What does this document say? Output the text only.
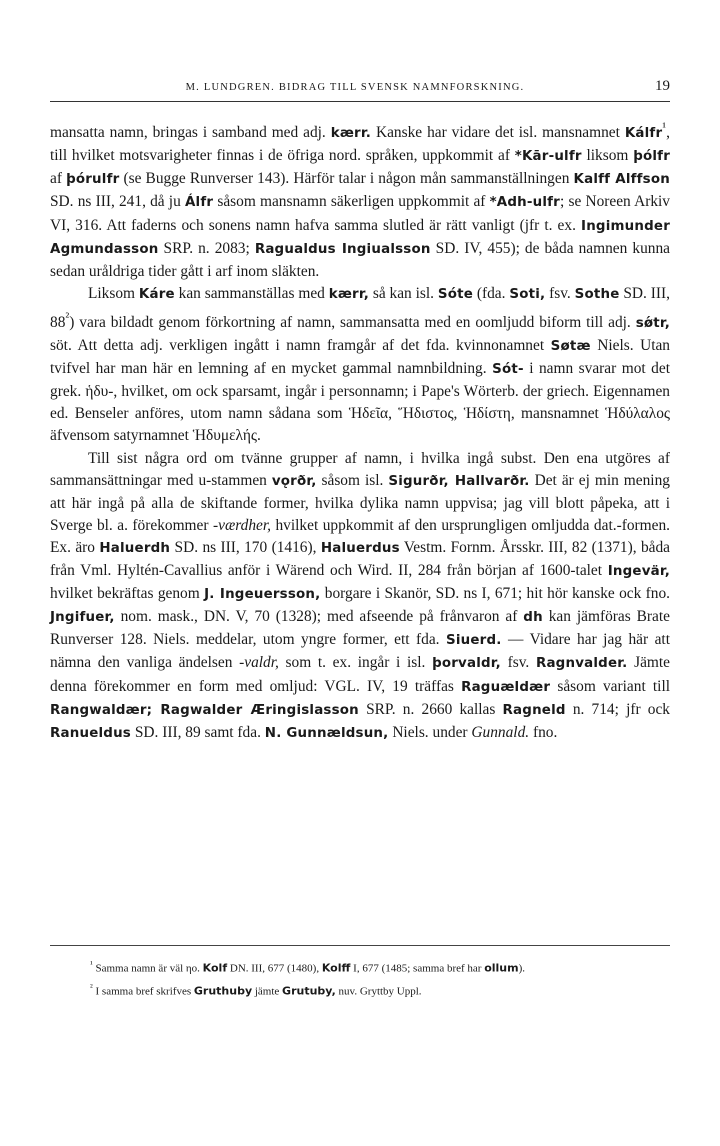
M. LUNDGREN. BIDRAG TILL SVENSK NAMNFORSKNING.	19

mansatta namn, bringas i samband med adj. kærr. Kanske har vidare det isl. mansnamnet Kálfr$^{^1}$, till hvilket motsvarigheter finnas i de öfriga nord. språken, uppkommit af *Kār-ulfr liksom þólfr af þórulfr (se Bugge Runverser 143). Härför talar i någon mån sammanställningen Kalff Alffson SD. ns III, 241, då ju Álfr såsom mansnamn säkerligen uppkommit af *Adh-ulfr; se Noreen Arkiv VI, 316. Att faderns och sonens namn hafva samma slutled är rätt vanligt (jfr t. ex. Ingimunder Agmundasson SRP. n. 2083; Ragualdus Ingiualsson SD. IV, 455); de båda namnen kunna sedan uråldriga tider gått i arf inom släkten.

Liksom Káre kan sammanställas med kærr, så kan isl. Sóte (fda. Soti, fsv. Sothe SD. III, $88^{^2}$) vara bildadt genom förkortning af namn, sammansatta med en oomljudd biform till adj. sǿtr, söt. Att detta adj. verkligen ingått i namn framgår af det fda. kvinnonamnet Søtæ Niels. Utan tvifvel har man här en lemning af en mycket gammal namnbildning. Sót- i namn svarar mot det grek. ἡδυ-, hvilket, om ock sparsamt, ingår i personnamn; i Pape's Wörterb. der griech. Eigennamen ed. Benseler anföres, utom namn sådana som Ἡδεῖα, Ἥδιστος, Ἡδίστη, mansnamnet Ἡδύλαλος äfvensom satyrnamnet Ἡδυμελής.

Till sist några ord om tvänne grupper af namn, i hvilka ingå subst. Den ena utgöres af sammansättningar med u-stammen vǫrðr, såsom isl. Sigurðr, Hallvarðr. Det är ej min mening att här ingå på alla de skiftande former, hvilka dylika namn uppvisa; jag vill blott påpeka, att i Sverge bl. a. förekommer -værdher, hvilket uppkommit af den ursprungligen omljudda dat.-formen. Ex. äro Haluerdh SD. ns III, 170 (1416), Haluerdus Vestm. Fornm. Årsskr. III, 82 (1371), båda från Vml. Hyltén-Cavallius anför i Wärend och Wird. II, 284 från början af 1600-talet Ingevär, hvilket bekräftas genom J. Ingeuersson, borgare i Skanör, SD. ns I, 671; hit hör kanske ock fno. Jngifuer, nom. mask., DN. V, 70 (1328); med afseende på frånvaron af dh kan jämföras Brate Runverser 128. Niels. meddelar, utom yngre former, ett fda. Siuerd. — Vidare har jag här att nämna den vanliga ändelsen -valdr, som t. ex. ingår i isl. þorvaldr, fsv. Ragnvalder. Jämte denna förekommer en form med omljud: VGL. IV, 19 träffas Raguældær såsom variant till Rangwaldær; Ragwalder Æringislasson SRP. n. 2660 kallas Ragneld n. 714; jfr ock Ranueldus SD. III, 89 samt fda. N. Gunnældsun, Niels. under Gunnald. fno.

$^{^1}$ Samma namn är väl ηο. Kolf DN. III, 677 (1480), Kolff I, 677 (1485; samma bref har ollum).

$^{^2}$ I samma bref skrifves Gruthuby jämte Grutuby, nuv. Gryttby Uppl.
